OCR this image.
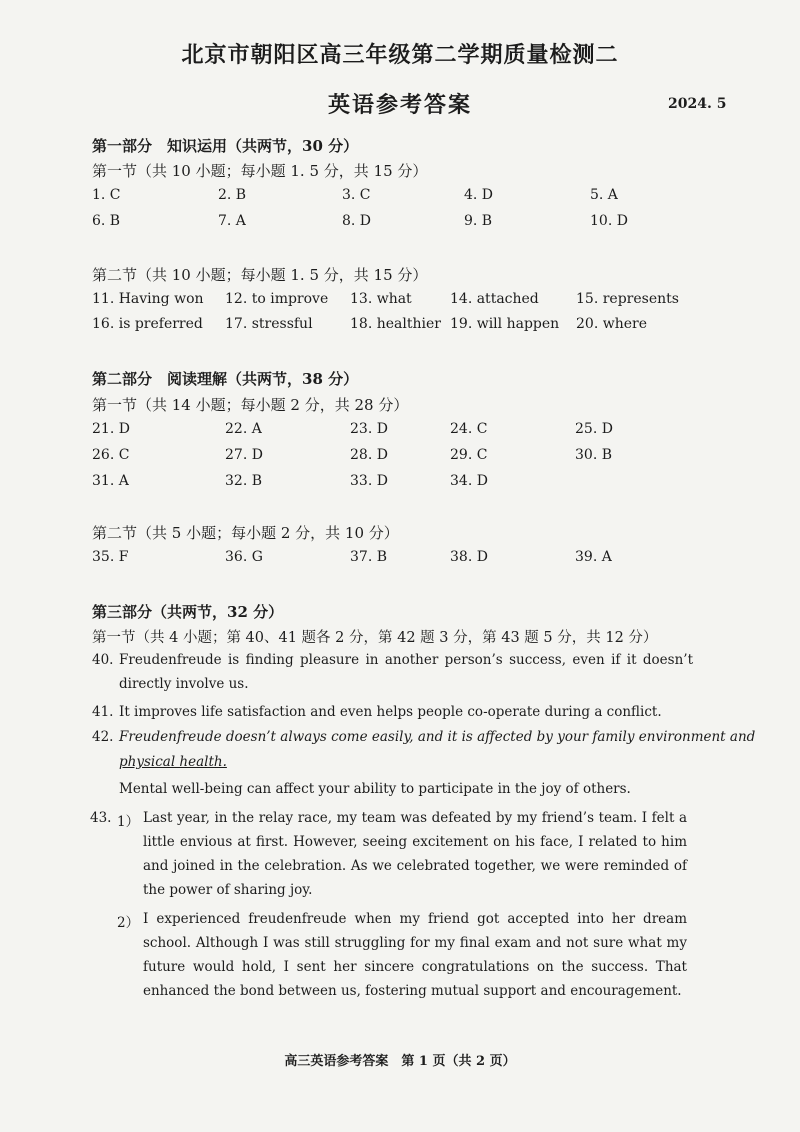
北京市朝阳区高三年级第二学期质量检测二
英语参考答案	2024. 5
第一部分　知识运用（共两节，30 分）
第一节（共 10 小题；每小题 1. 5 分，共 15 分）
1. C	2. B	3. C	4. D	5. A
6. B	7. A	8. D	9. B	10. D
第二节（共 10 小题；每小题 1. 5 分，共 15 分）
11. Having won 12. to improve 13. what	14. attached	15. represents
16. is preferred 17. stressful	18. healthier 19. will happen 20. where
第二部分　阅读理解（共两节，38 分）
第一节（共 14 小题；每小题 2 分，共 28 分）
21. D	22. A	23. D	24. C	25. D
26. C	27. D	28. D	29. C	30. B
31. A	32. B	33. D	34. D
第二节（共 5 小题；每小题 2 分，共 10 分）
35. F	36. G	37. B	38. D	39. A
第三部分（共两节，32 分）
第一节（共 4 小题；第 40、41 题各 2 分，第 42 题 3 分，第 43 题 5 分，共 12 分）
40. Freudenfreude is finding pleasure in another person’s success, even if it doesn’t directly involve us.
41. It improves life satisfaction and even helps people co-operate during a conflict.
42. Freudenfreude doesn’t always come easily, and it is affected by your family environment and
physical health.
Mental well-being can affect your ability to participate in the joy of others.
43. 1） Last year, in the relay race, my team was defeated by my friend’s team. I felt a little envious at first. However, seeing excitement on his face, I related to him and joined in the celebration. As we celebrated together, we were reminded of the power of sharing joy.
2） I experienced freudenfreude when my friend got accepted into her dream school. Although I was still struggling for my final exam and not sure what my future would hold, I sent her sincere congratulations on the success. That enhanced the bond between us, fostering mutual support and encouragement.
高三英语参考答案　第 1 页（共 2 页）
